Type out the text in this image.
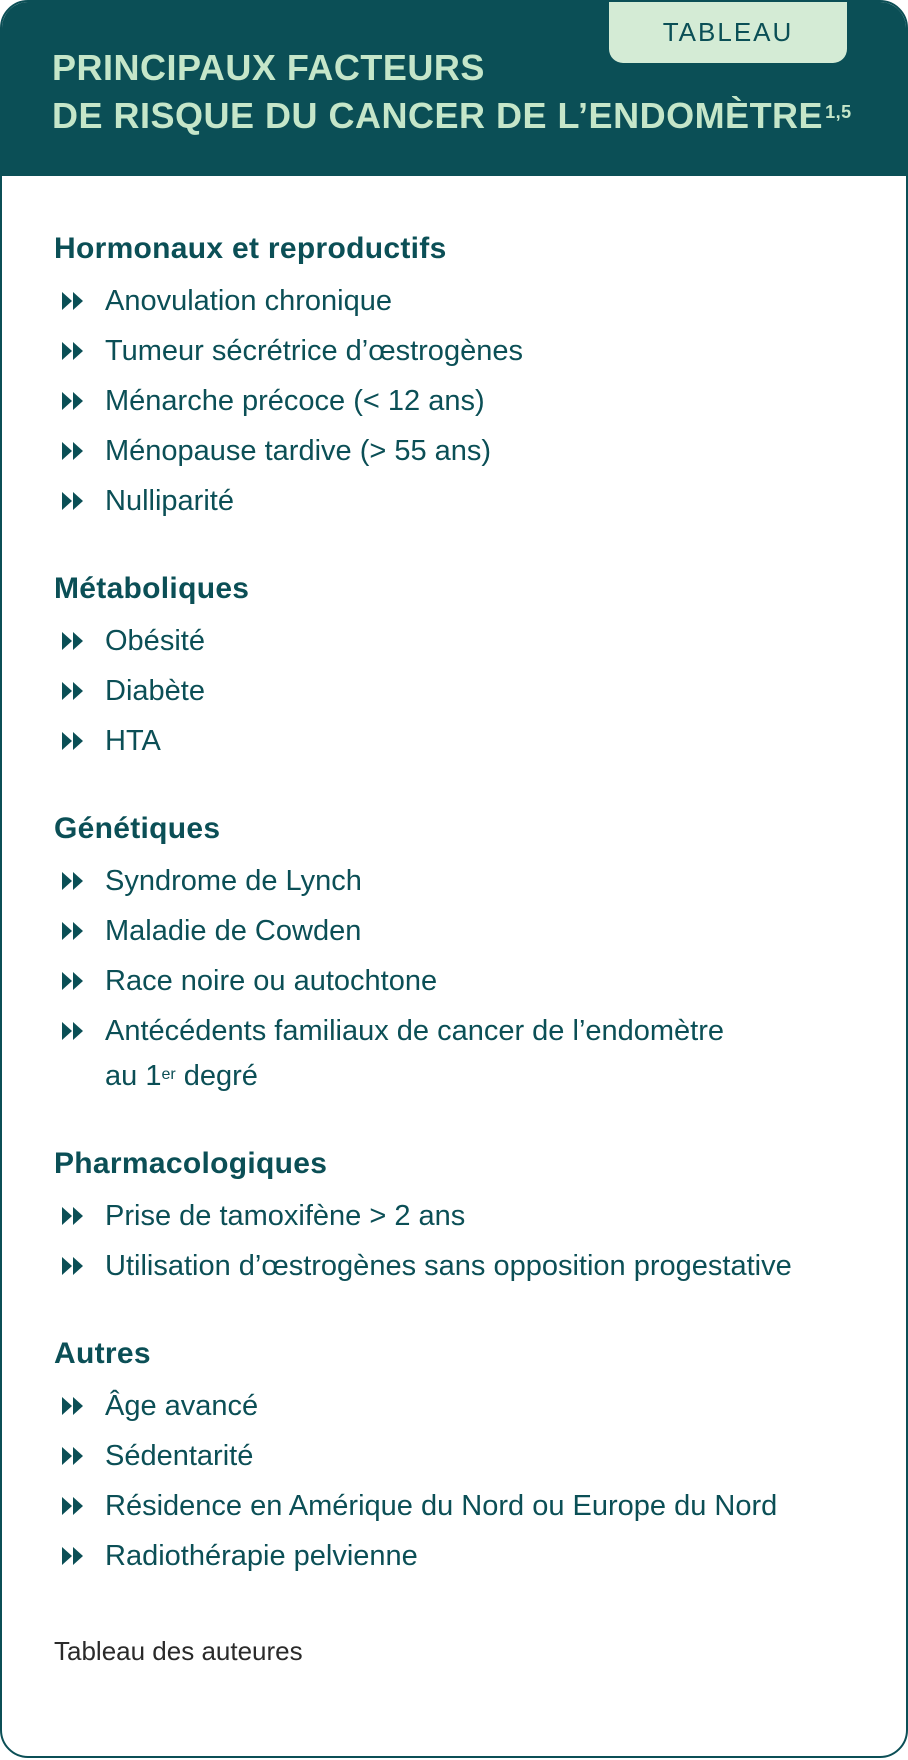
TABLEAU
PRINCIPAUX FACTEURS
DE RISQUE DU CANCER DE L’ENDOMÈTRE $^{1,5}$
Hormonaux et reproductifs
Anovulation chronique
Tumeur sécrétrice d’œstrogènes
Ménarche précoce (< 12 ans)
Ménopause tardive (> 55 ans)
Nulliparité
Métaboliques
Obésité
Diabète
HTA
Génétiques
Syndrome de Lynch
Maladie de Cowden
Race noire ou autochtone
Antécédents familiaux de cancer de l’endomètre
au 1er degré
Pharmacologiques
Prise de tamoxifène > 2 ans
Utilisation d’œstrogènes sans opposition progestative
Autres
Âge avancé
Sédentarité
Résidence en Amérique du Nord ou Europe du Nord
Radiothérapie pelvienne
Tableau des auteures
